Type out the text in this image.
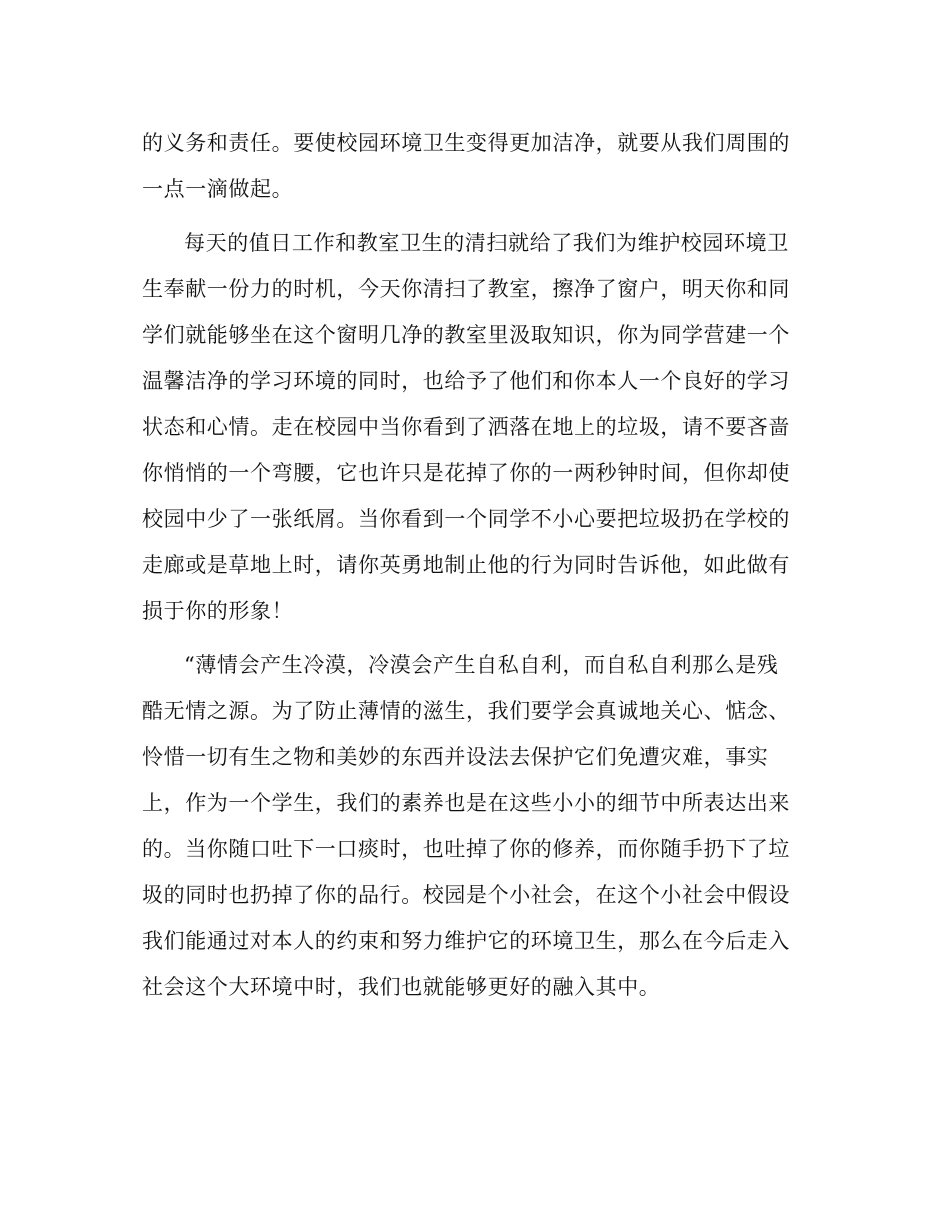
的义务和责任。要使校园环境卫生变得更加洁净，就要从我们周围的
一点一滴做起。
每天的值日工作和教室卫生的清扫就给了我们为维护校园环境卫
生奉献一份力的时机，今天你清扫了教室，擦净了窗户，明天你和同
学们就能够坐在这个窗明几净的教室里汲取知识，你为同学营建一个
温馨洁净的学习环境的同时，也给予了他们和你本人一个良好的学习
状态和心情。走在校园中当你看到了洒落在地上的垃圾，请不要吝啬
你悄悄的一个弯腰，它也许只是花掉了你的一两秒钟时间，但你却使
校园中少了一张纸屑。当你看到一个同学不小心要把垃圾扔在学校的
走廊或是草地上时，请你英勇地制止他的行为同时告诉他，如此做有
损于你的形象！
“薄情会产生冷漠，冷漠会产生自私自利，而自私自利那么是残
酷无情之源。为了防止薄情的滋生，我们要学会真诚地关心、惦念、
怜惜一切有生之物和美妙的东西并设法去保护它们免遭灾难，事实
上，作为一个学生，我们的素养也是在这些小小的细节中所表达出来
的。当你随口吐下一口痰时，也吐掉了你的修养，而你随手扔下了垃
圾的同时也扔掉了你的品行。校园是个小社会，在这个小社会中假设
我们能通过对本人的约束和努力维护它的环境卫生，那么在今后走入
社会这个大环境中时，我们也就能够更好的融入其中。
